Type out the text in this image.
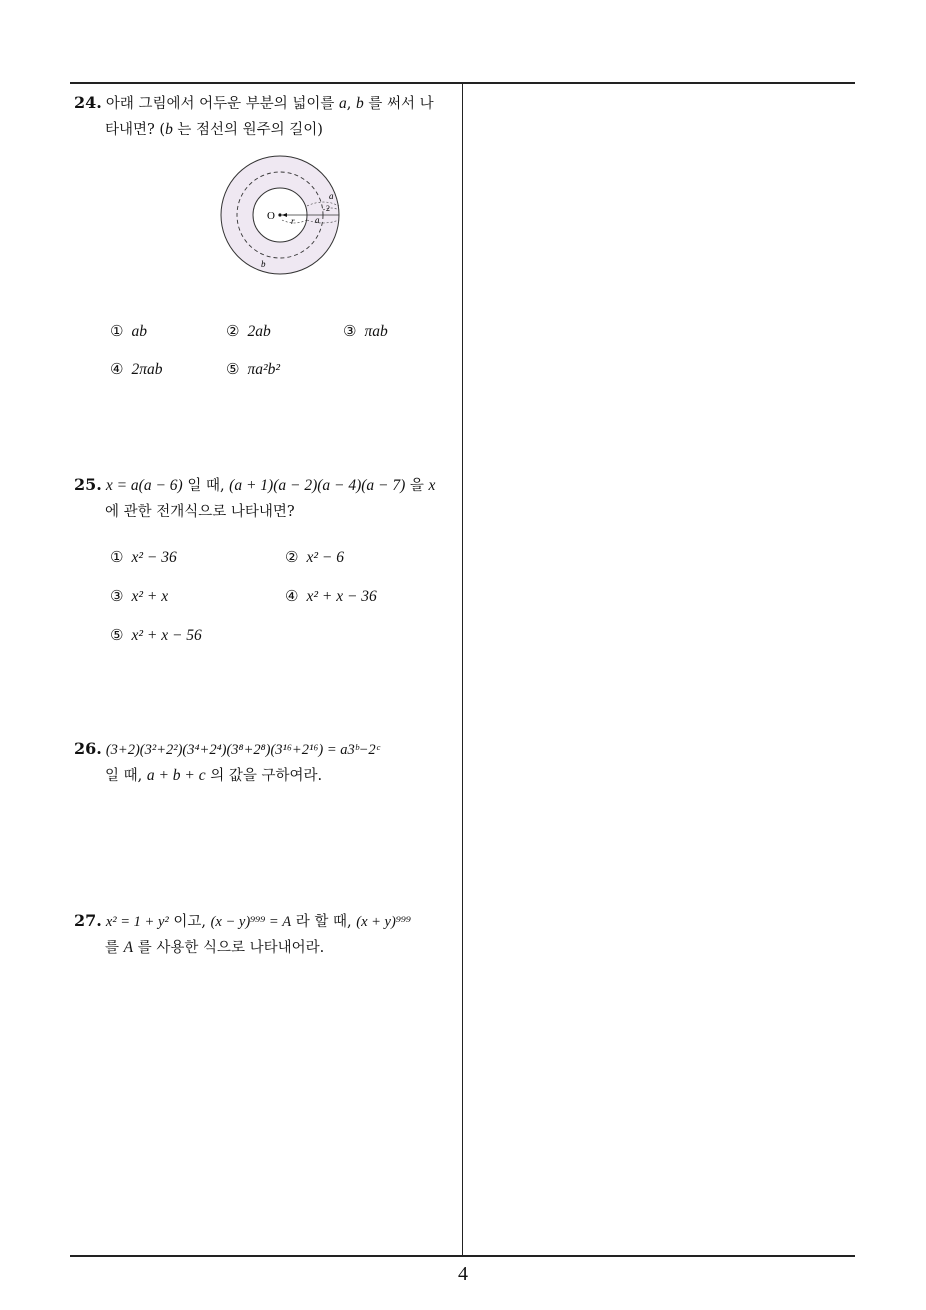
24. 아래 그림에서 어두운 부분의 넓이를 a, b 를 써서 나
타내면? (b 는 점선의 원주의 길이)
O r
a
2
a
b
① ab	② 2ab	③ πab
④ 2πab	⑤ πa²b²
25. x = a(a − 6) 일 때, (a + 1)(a − 2)(a − 4)(a − 7) 을 x
에 관한 전개식으로 나타내면?
① x² − 36	② x² − 6
③ x² + x	④ x² + x − 36
⑤ x² + x − 56
26. (3+2)(3²+2²)(3⁴+2⁴)(3⁸+2⁸)(3¹⁶+2¹⁶) = a3ᵇ−2ᶜ
일 때, a + b + c 의 값을 구하여라.
27. x² = 1 + y² 이고, (x − y)⁹⁹⁹ = A 라 할 때, (x + y)⁹⁹⁹
를 A 를 사용한 식으로 나타내어라.
4
